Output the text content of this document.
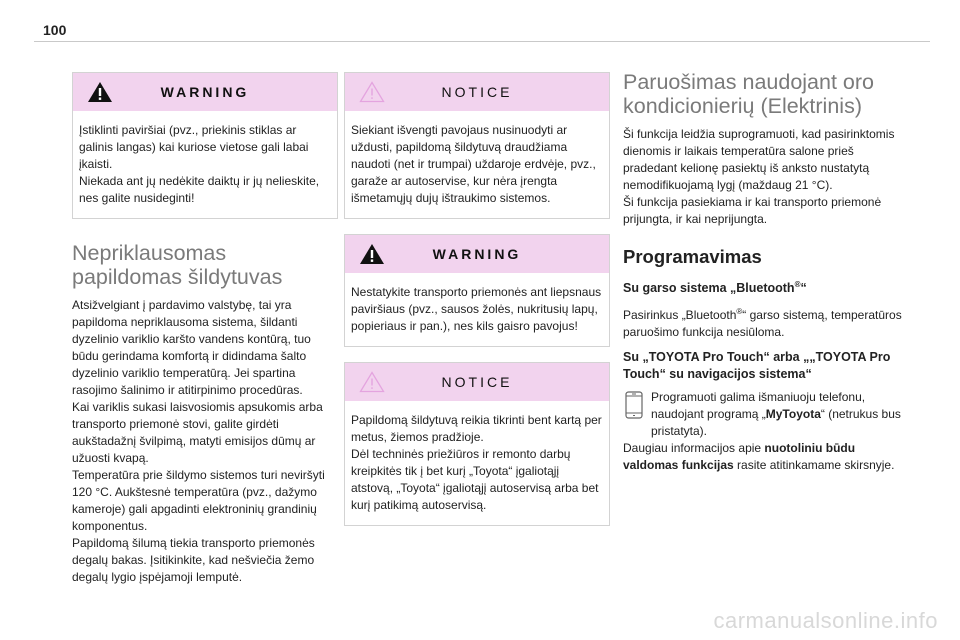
100
WARNING
Įstiklinti paviršiai (pvz., priekinis stiklas ar galinis langas) kai kuriose vietose gali labai įkaisti.
Niekada ant jų nedėkite daiktų ir jų nelieskite, nes galite nusideginti!
Nepriklausomas
papildomas šildytuvas
Atsižvelgiant į pardavimo valstybę, tai yra papildoma nepriklausoma sistema, šildanti dyzelinio variklio karšto vandens kontūrą, tuo būdu gerindama komfortą ir didindama šalto dyzelinio variklio temperatūrą. Jei spartina rasojimo šalinimo ir atitirpinimo procedūras.
Kai variklis sukasi laisvosiomis apsukomis arba transporto priemonė stovi, galite girdėti aukštadažnį švilpimą, matyti emisijos dūmų ar užuosti kvapą.
Temperatūra prie šildymo sistemos turi neviršyti 120 °C. Aukštesnė temperatūra (pvz., dažymo kameroje) gali apgadinti elektroninių grandinių komponentus.
Papildomą šilumą tiekia transporto priemonės degalų bakas. Įsitikinkite, kad nešviečia žemo degalų lygio įspėjamoji lemputė.
NOTICE
Siekiant išvengti pavojaus nusinuodyti ar uždusti, papildomą šildytuvą draudžiama naudoti (net ir trumpai) uždaroje erdvėje, pvz., garaže ar autoservise, kur nėra įrengta išmetamųjų dujų ištraukimo sistemos.
WARNING
Nestatykite transporto priemonės ant liepsnaus paviršiaus (pvz., sausos žolės, nukritusių lapų, popieriaus ir pan.), nes kils gaisro pavojus!
NOTICE
Papildomą šildytuvą reikia tikrinti bent kartą per metus, žiemos pradžioje.
Dėl techninės priežiūros ir remonto darbų kreipkitės tik į bet kurį „Toyota“ įgaliotąjį atstovą, „Toyota“ įgaliotąjį autoservisą arba bet kurį patikimą autoservisą.
Paruošimas naudojant oro
kondicionierių (Elektrinis)
Ši funkcija leidžia suprogramuoti, kad pasirinktomis dienomis ir laikais temperatūra salone prieš pradedant kelionę pasiektų iš anksto nustatytą nemodifikuojamą lygį (maždaug 21 °C).
Ši funkcija pasiekiama ir kai transporto priemonė prijungta, ir kai neprijungta.
Programavimas
Su garso sistema „Bluetooth®“
Pasirinkus „Bluetooth®“ garso sistemą, temperatūros paruošimo funkcija nesiūloma.
Su „TOYOTA Pro Touch“ arba „„TOYOTA Pro Touch“ su navigacijos sistema“
Programuoti galima išmaniuoju telefonu, naudojant programą „MyToyota“ (netrukus bus pristatyta).
Daugiau informacijos apie nuotoliniu būdu valdomas funkcijas rasite atitinkamame skirsnyje.
carmanualsonline.info
